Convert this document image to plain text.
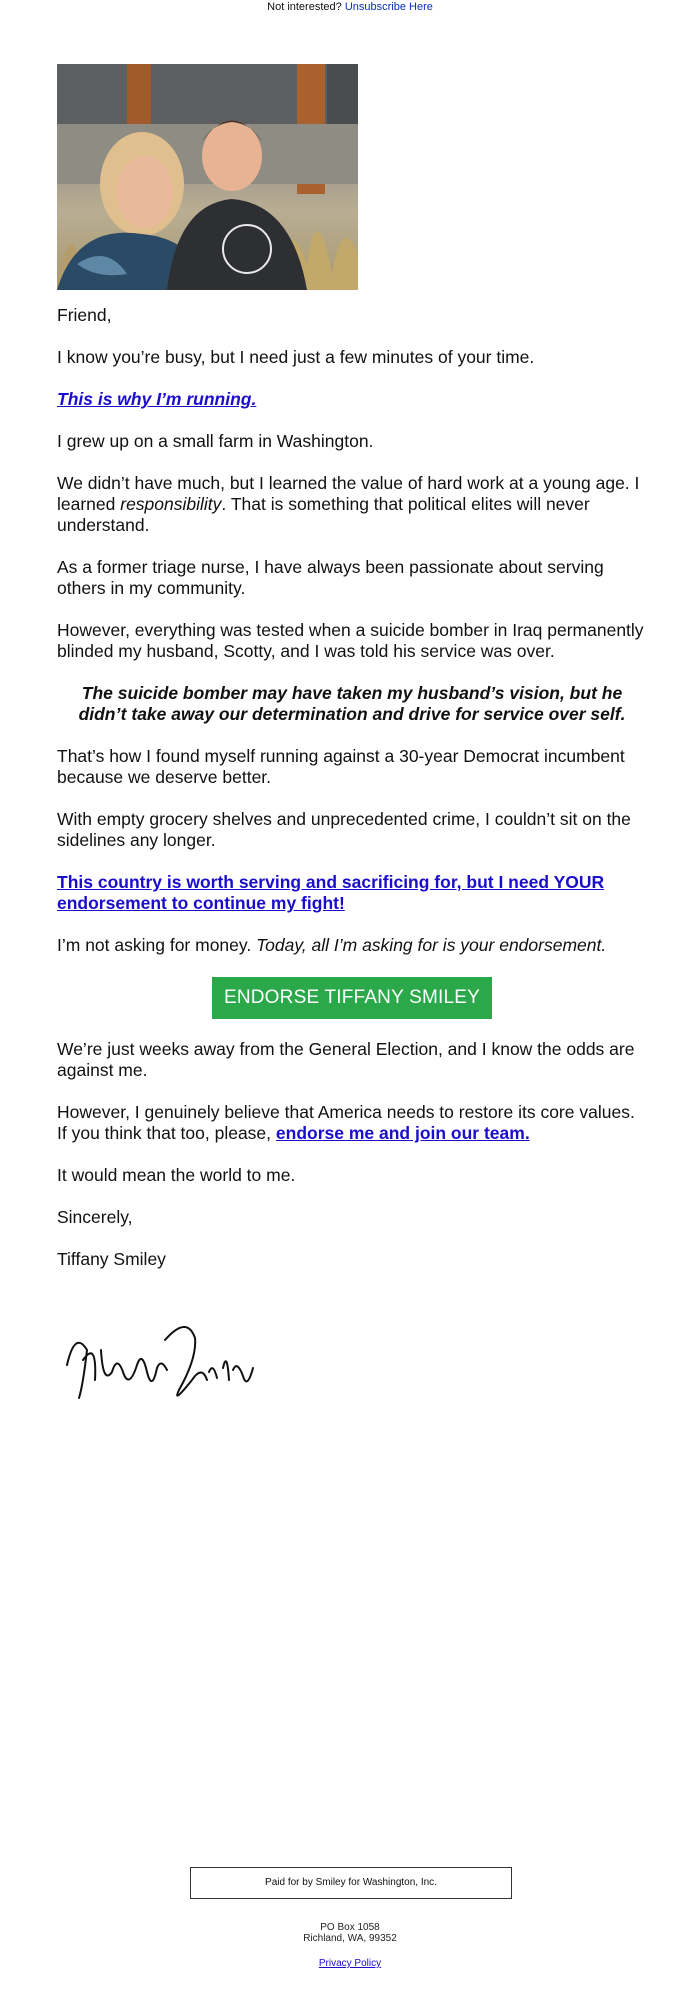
Not interested? Unsubscribe Here

Friend,

I know you’re busy, but I need just a few minutes of your time.

This is why I’m running.

I grew up on a small farm in Washington.

We didn’t have much, but I learned the value of hard work at a young age. I learned responsibility. That is something that political elites will never understand.

As a former triage nurse, I have always been passionate about serving others in my community.

However, everything was tested when a suicide bomber in Iraq permanently blinded my husband, Scotty, and I was told his service was over.

The suicide bomber may have taken my husband’s vision, but he didn’t take away our determination and drive for service over self.

That’s how I found myself running against a 30-year Democrat incumbent because we deserve better.

With empty grocery shelves and unprecedented crime, I couldn’t sit on the sidelines any longer.

This country is worth serving and sacrificing for, but I need YOUR endorsement to continue my fight!

I’m not asking for money. Today, all I’m asking for is your endorsement.

ENDORSE TIFFANY SMILEY

We’re just weeks away from the General Election, and I know the odds are against me.

However, I genuinely believe that America needs to restore its core values. If you think that too, please, endorse me and join our team.

It would mean the world to me.

Sincerely,

Tiffany Smiley

Paid for by Smiley for Washington, Inc.
PO Box 1058
Richland, WA, 99352
Privacy Policy
